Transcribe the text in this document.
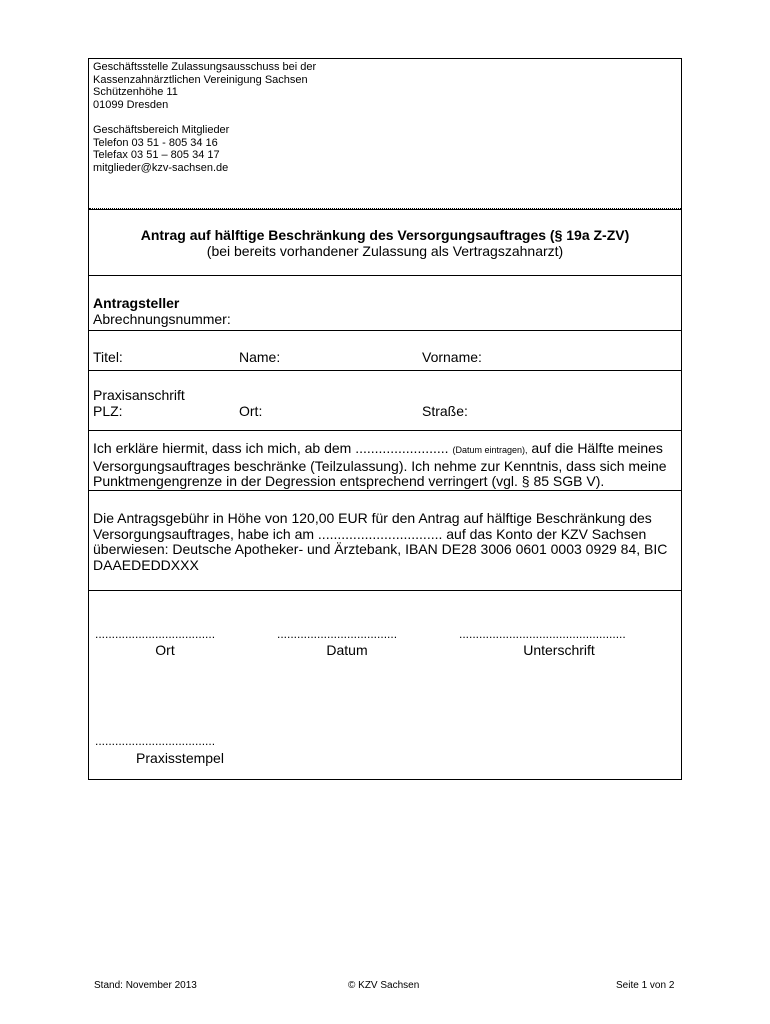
Geschäftsstelle Zulassungsausschuss bei der
Kassenzahnärztlichen Vereinigung Sachsen
Schützenhöhe 11
01099 Dresden
Geschäftsbereich Mitglieder
Telefon 03 51 - 805 34 16
Telefax 03 51 – 805 34 17
mitglieder@kzv-sachsen.de
Antrag auf hälftige Beschränkung des Versorgungsauftrages (§ 19a Z-ZV)
(bei bereits vorhandener Zulassung als Vertragszahnarzt)
Antragsteller
Abrechnungsnummer:
Titel:	Name:	Vorname:
Praxisanschrift
PLZ:	Ort:	Straße:
Ich erkläre hiermit, dass ich mich, ab dem ........................ (Datum eintragen), auf die Hälfte meines Versorgungsauftrages beschränke (Teilzulassung). Ich nehme zur Kenntnis, dass sich meine Punktmengengrenze in der Degression entsprechend verringert (vgl. § 85 SGB V).
Die Antragsgebühr in Höhe von 120,00 EUR für den Antrag auf hälftige Beschränkung des Versorgungsauftrages, habe ich am ................................ auf das Konto der KZV Sachsen überwiesen: Deutsche Apotheker- und Ärztebank, IBAN DE28 3006 0601 0003 0929 84, BIC DAAEDEDDXXX
....................................	....................................	..................................................
Ort	Datum	Unterschrift
....................................
Praxisstempel
Stand: November 2013	© KZV Sachsen	Seite 1 von 2
